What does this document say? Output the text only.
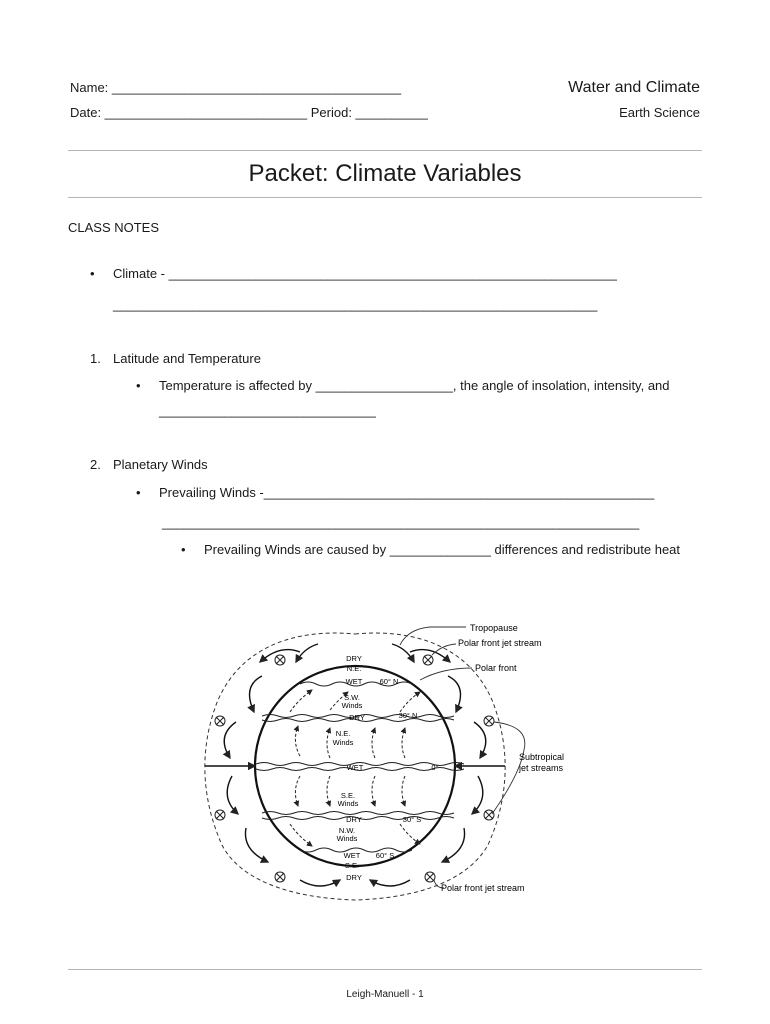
Name: ________________________________________
Date: ____________________________ Period: __________
Water and Climate
Earth Science
Packet: Climate Variables
CLASS NOTES
• Climate - ______________________________________________________________
___________________________________________________________________
1. Latitude and Temperature
• Temperature is affected by ___________________, the angle of insolation, intensity, and
______________________________
2. Planetary Winds
• Prevailing Winds -______________________________________________________
__________________________________________________________________
• Prevailing Winds are caused by ______________ differences and redistribute heat
Tropopause
Polar front jet stream
Polar front
Subtropical
jet streams
Polar front jet stream
DRY
N.E.
WET 60° N
S.W.
Winds
DRY	30° N
N.E.
Winds
WET	0°
S.E.
Winds
DRY	30° S
N.W.
Winds
WET 60° S
S.E.
DRY
Leigh-Manuell - 1
